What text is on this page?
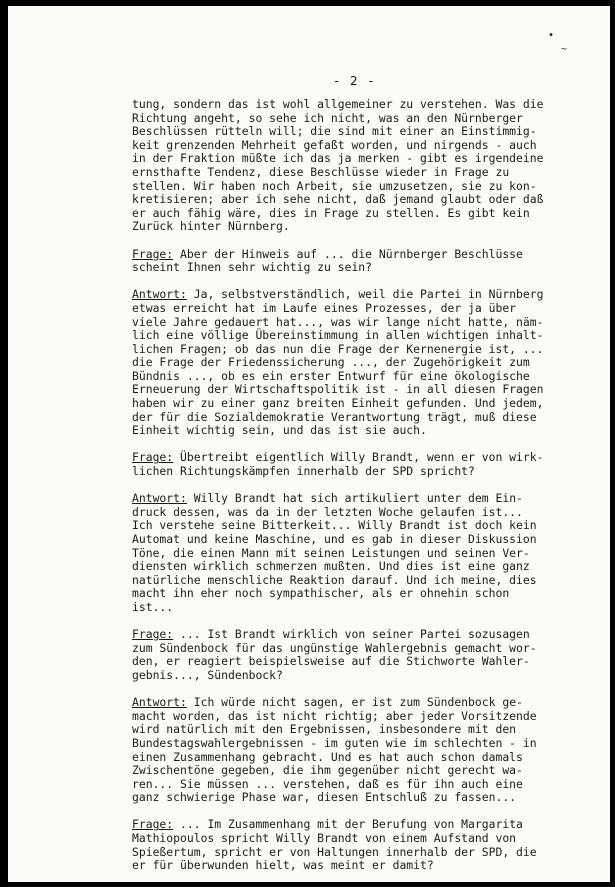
•
~
- 2 -
tung, sondern das ist wohl allgemeiner zu verstehen. Was die
Richtung angeht, so sehe ich nicht, was an den Nürnberger
Beschlüssen rütteln will; die sind mit einer an Einstimmig-
keit grenzenden Mehrheit gefaßt worden, und nirgends - auch
in der Fraktion müßte ich das ja merken - gibt es irgendeine
ernsthafte Tendenz, diese Beschlüsse wieder in Frage zu
stellen. Wir haben noch Arbeit, sie umzusetzen, sie zu kon-
kretisieren; aber ich sehe nicht, daß jemand glaubt oder daß
er auch fähig wäre, dies in Frage zu stellen. Es gibt kein
Zurück hinter Nürnberg.
Frage: Aber der Hinweis auf ... die Nürnberger Beschlüsse
scheint Ihnen sehr wichtig zu sein?
Antwort: Ja, selbstverständlich, weil die Partei in Nürnberg
etwas erreicht hat im Laufe eines Prozesses, der ja über
viele Jahre gedauert hat..., was wir lange nicht hatte, näm-
lich eine völlige Übereinstimmung in allen wichtigen inhalt-
lichen Fragen; ob das nun die Frage der Kernenergie ist, ...
die Frage der Friedenssicherung ..., der Zugehörigkeit zum
Bündnis ..., ob es ein erster Entwurf für eine ökologische
Erneuerung der Wirtschaftspolitik ist - in all diesen Fragen
haben wir zu einer ganz breiten Einheit gefunden. Und jedem,
der für die Sozialdemokratie Verantwortung trägt, muß diese
Einheit wichtig sein, und das ist sie auch.
Frage: Übertreibt eigentlich Willy Brandt, wenn er von wirk-
lichen Richtungskämpfen innerhalb der SPD spricht?
Antwort: Willy Brandt hat sich artikuliert unter dem Ein-
druck dessen, was da in der letzten Woche gelaufen ist...
Ich verstehe seine Bitterkeit... Willy Brandt ist doch kein
Automat und keine Maschine, und es gab in dieser Diskussion
Töne, die einen Mann mit seinen Leistungen und seinen Ver-
diensten wirklich schmerzen mußten. Und dies ist eine ganz
natürliche menschliche Reaktion darauf. Und ich meine, dies
macht ihn eher noch sympathischer, als er ohnehin schon
ist...
Frage: ... Ist Brandt wirklich von seiner Partei sozusagen
zum Sündenbock für das ungünstige Wahlergebnis gemacht wor-
den, er reagiert beispielsweise auf die Stichworte Wahler-
gebnis..., Sündenbock?
Antwort: Ich würde nicht sagen, er ist zum Sündenbock ge-
macht worden, das ist nicht richtig; aber jeder Vorsitzende
wird natürlich mit den Ergebnissen, insbesondere mit den
Bundestagswahlergebnissen - im guten wie im schlechten - in
einen Zusammenhang gebracht. Und es hat auch schon damals
Zwischentöne gegeben, die ihm gegenüber nicht gerecht wa-
ren... Sie müssen ... verstehen, daß es für ihn auch eine
ganz schwierige Phase war, diesen Entschluß zu fassen...
Frage: ... Im Zusammenhang mit der Berufung von Margarita
Mathiopoulos spricht Willy Brandt von einem Aufstand von
Spießertum, spricht er von Haltungen innerhalb der SPD, die
er für überwunden hielt, was meint er damit?
